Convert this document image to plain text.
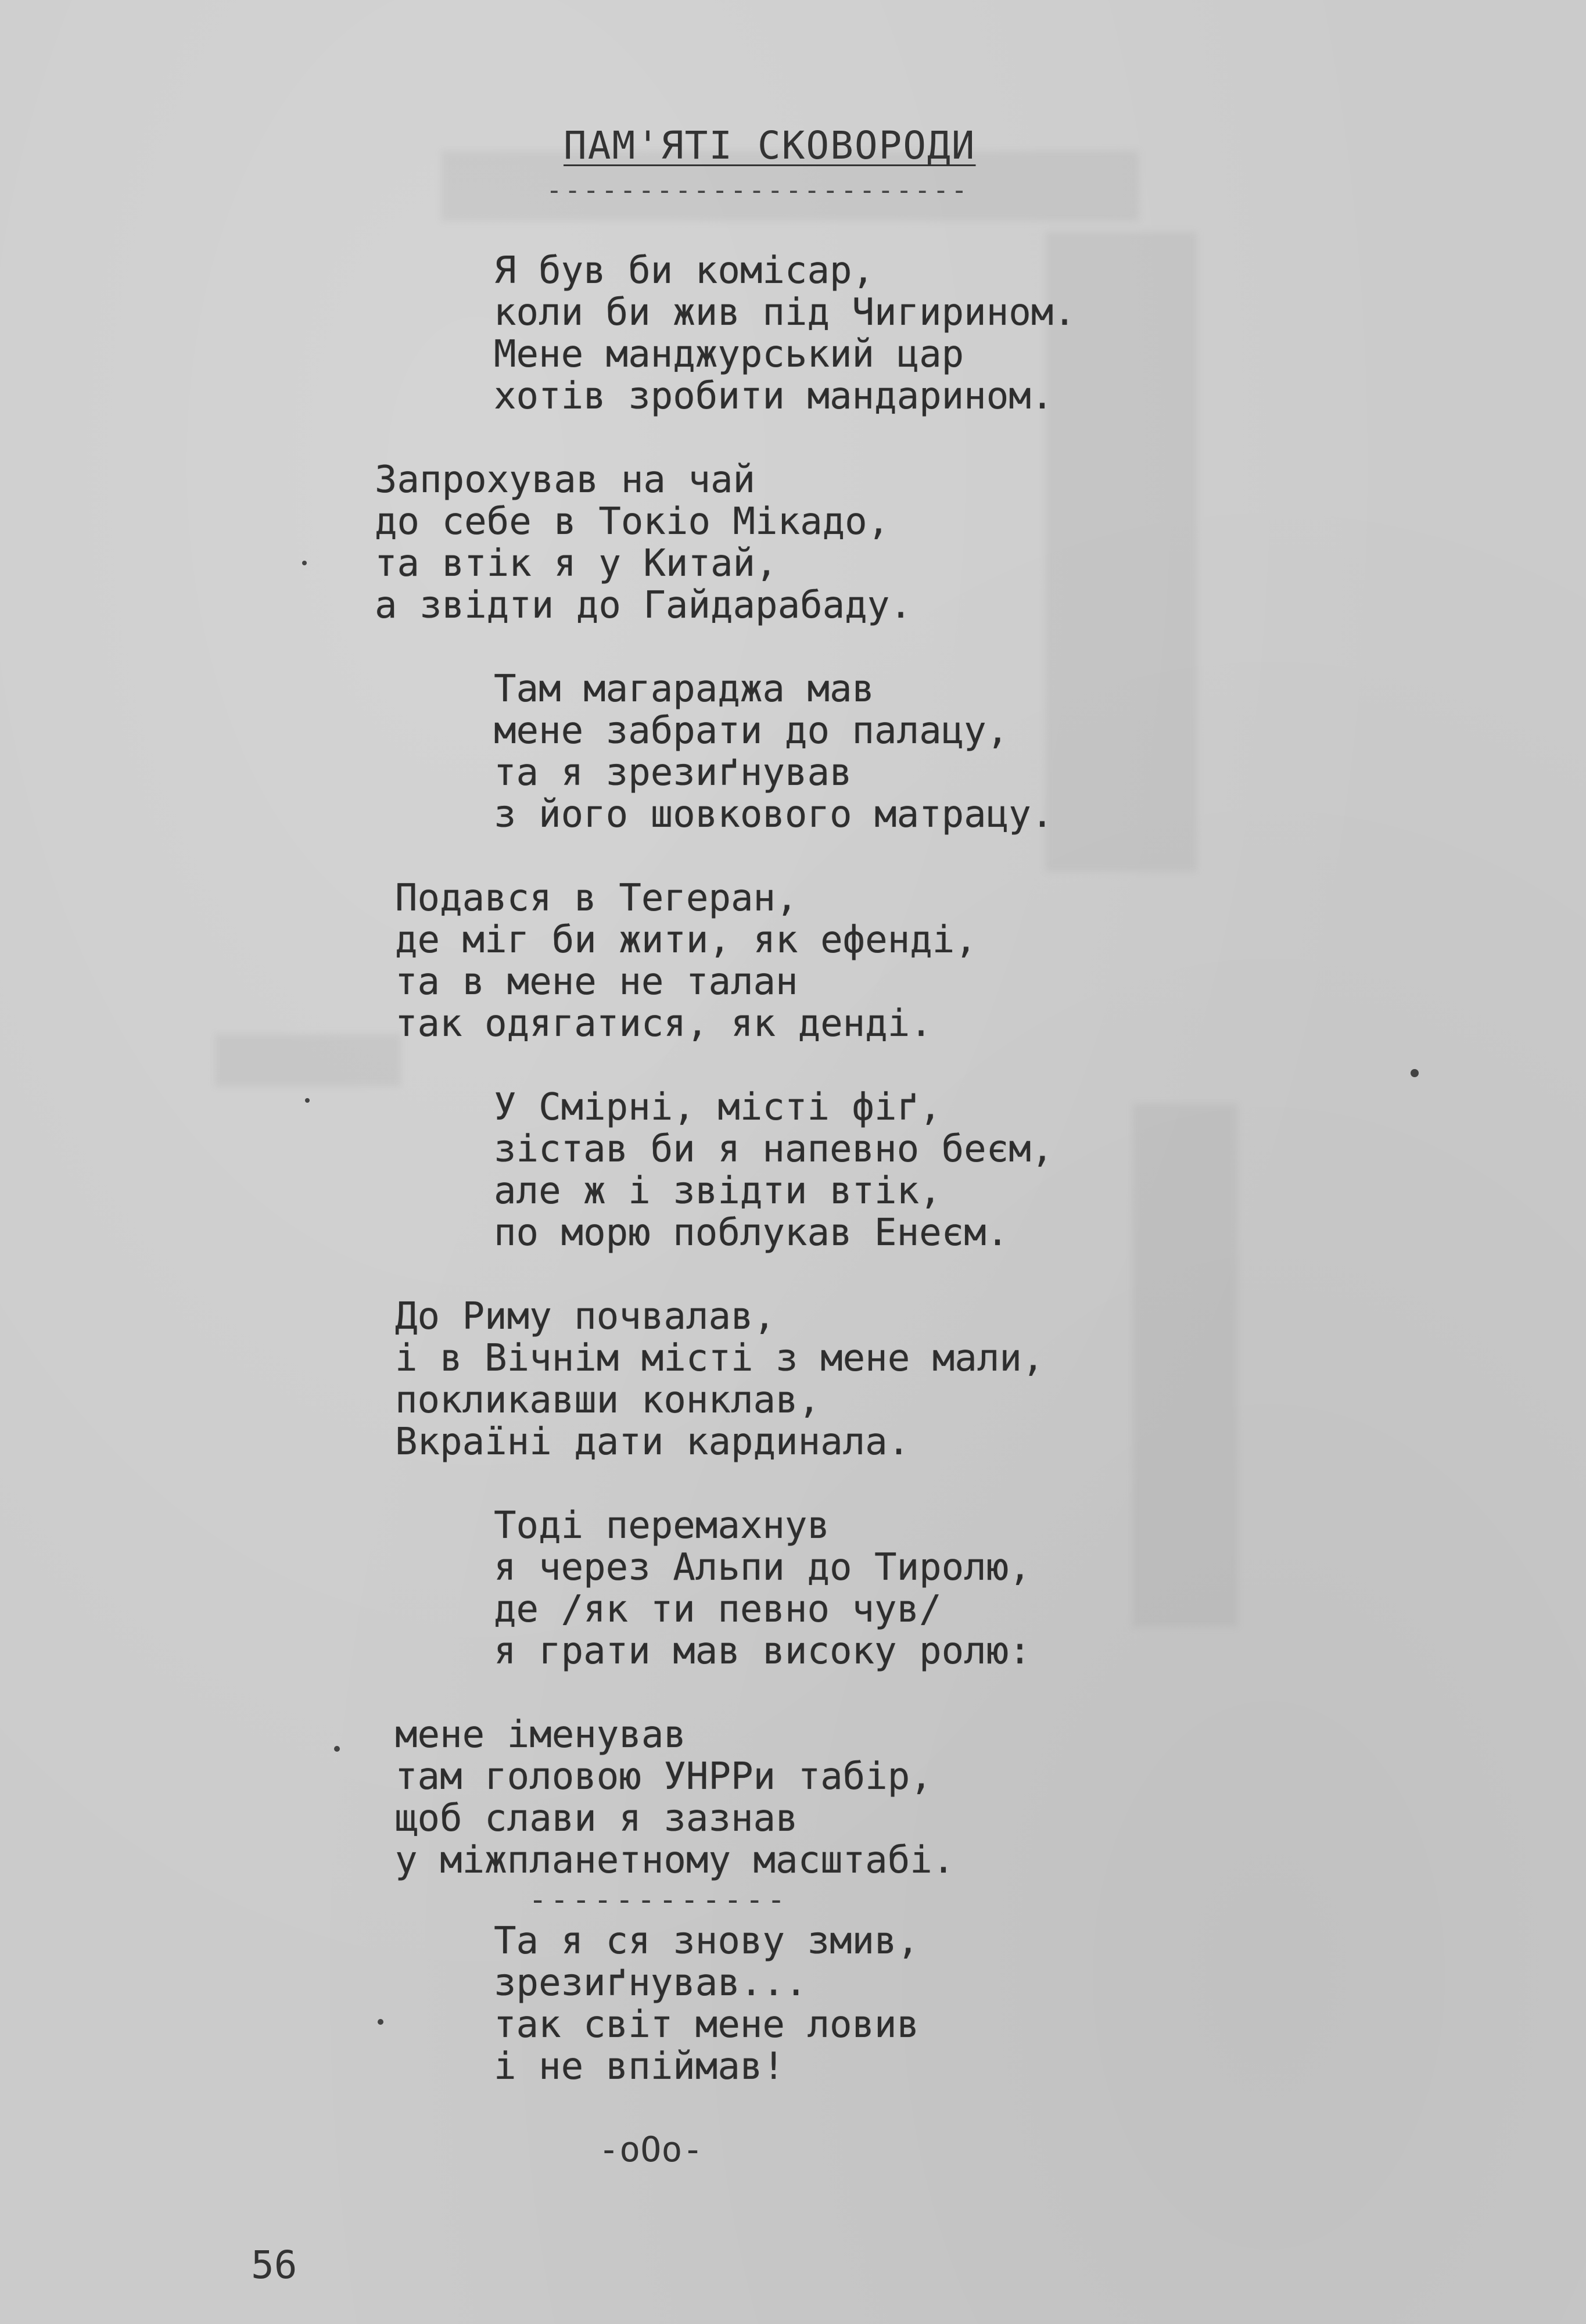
ПАМ'ЯТІ СКОВОРОДИ
-----------------------
Я був би комісар,
коли би жив під Чигирином.
Мене манджурський цар
хотів зробити мандарином.
Запрохував на чай
до себе в Токіо Мікадо,
та втік я у Китай,
а звідти до Гайдарабаду.
Там магараджа мав
мене забрати до палацу,
та я зрезиґнував
з його шовкового матрацу.
Подався в Тегеран,
де міг би жити, як ефенді,
та в мене не талан
так одягатися, як денді.
У Смірні, місті фіґ,
зістав би я напевно беєм,
але ж і звідти втік,
по морю поблукав Енеєм.
До Риму почвалав,
і в Вічнім місті з мене мали,
покликавши конклав,
Вкраїні дати кардинала.
Тоді перемахнув
я через Альпи до Тиролю,
де /як ти певно чув/
я грати мав високу ролю:
мене іменував
там головою УНРРи табір,
щоб слави я зазнав
у міжпланетному масштабі.
------------
Та я ся знову змив,
зрезиґнував...
так світ мене ловив
і не впіймав!
-оОо-
56
